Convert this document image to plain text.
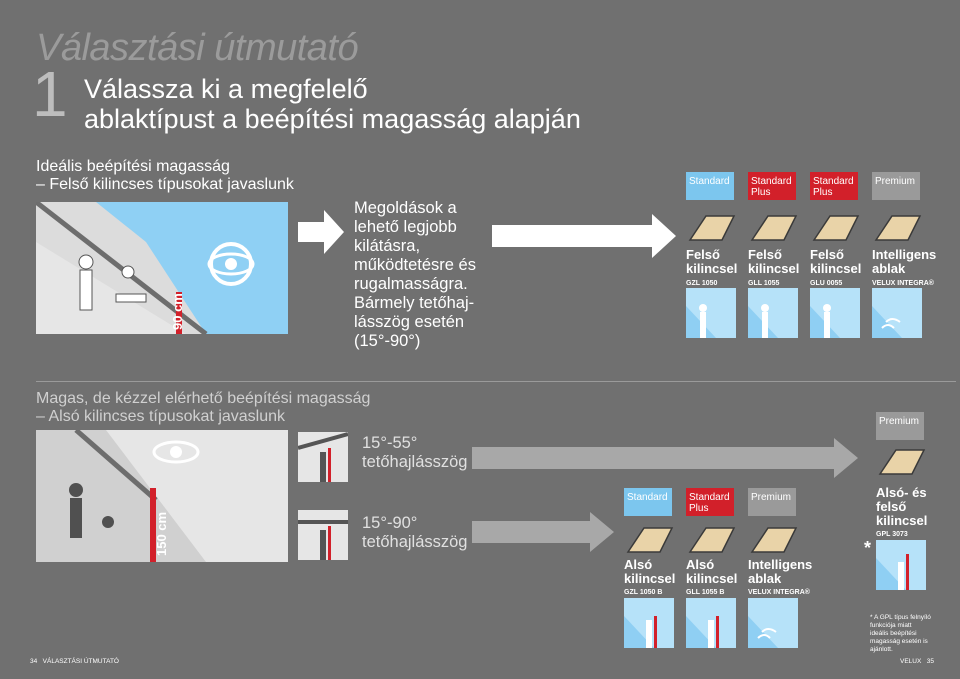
Választási útmutató
1 Válassza ki a megfelelő
ablaktípust a beépítési magasság alapján
Ideális beépítési magasság
– Felső kilincses típusokat javaslunk
90 cm
Megoldások a
lehető legjobb
kilátásra,
működtetésre és
rugalmasságra.
Bármely tetőhaj-
lásszög esetén
(15°-90°)
Standard	Standard Plus
Standard Plus
Premium
Felső
kilincsel
GZL 1050
Felső
kilincsel
GLL 1055
Felső
kilincsel
GLU 0055
Intelligens
ablak
VELUX INTEGRA®
Magas, de kézzel elérhető beépítési magasság
– Alsó kilincses típusokat javaslunk
150 cm
15°-55°
tetőhajlásszög
15°-90°
tetőhajlásszög
Standard	Standard Plus
Premium
Alsó
kilincsel
GZL 1050 B
Alsó
kilincsel
GLL 1055 B
Intelligens
ablak
VELUX INTEGRA®
Premium
Alsó- és
felső
kilincsel
GPL 3073
*
* A GPL típus felnyíló
funkciója miatt
ideális beépítési
magasság esetén is
ajánlott.
34 VÁLASZTÁSI ÚTMUTATÓ	VELUX 35
